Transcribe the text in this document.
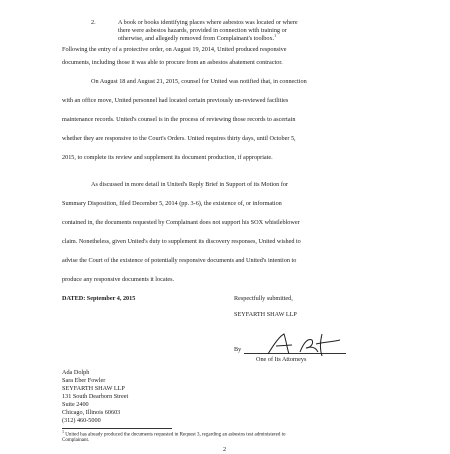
2.	A book or books identifying places where asbestos was located or where
there were asbestos hazards, provided in connection with training or
otherwise, and allegedly removed from Complainant's toolbox.$^1$
Following the entry of a protective order, on August 19, 2014, United produced responsive
documents, including those it was able to procure from an asbestos abatement contractor.
On August 18 and August 21, 2015, counsel for United was notified that, in connection
with an office move, United personnel had located certain previously un-reviewed facilities
maintenance records. United's counsel is in the process of reviewing those records to ascertain
whether they are responsive to the Court's Orders. United requires thirty days, until October 5,
2015, to complete its review and supplement its document production, if appropriate.
As discussed in more detail in United's Reply Brief in Support of its Motion for
Summary Disposition, filed December 5, 2014 (pp. 3-6), the existence of, or information
contained in, the documents requested by Complainant does not support his SOX whistleblower
claim. Nonetheless, given United's duty to supplement its discovery responses, United wished to
advise the Court of the existence of potentially responsive documents and United's intention to
produce any responsive documents it locates.
DATED: September 4, 2015	Respectfully submitted,
SEYFARTH SHAW LLP
By
One of Its Attorneys
Ada Dolph
Sara Eber Fowler
SEYFARTH SHAW LLP
131 South Dearborn Street
Suite 2400
Chicago, Illinois 60603
(312) 460-5000
$^1$ United has already produced the documents requested in Request 3, regarding an asbestos test administered to
Complainant.
2
